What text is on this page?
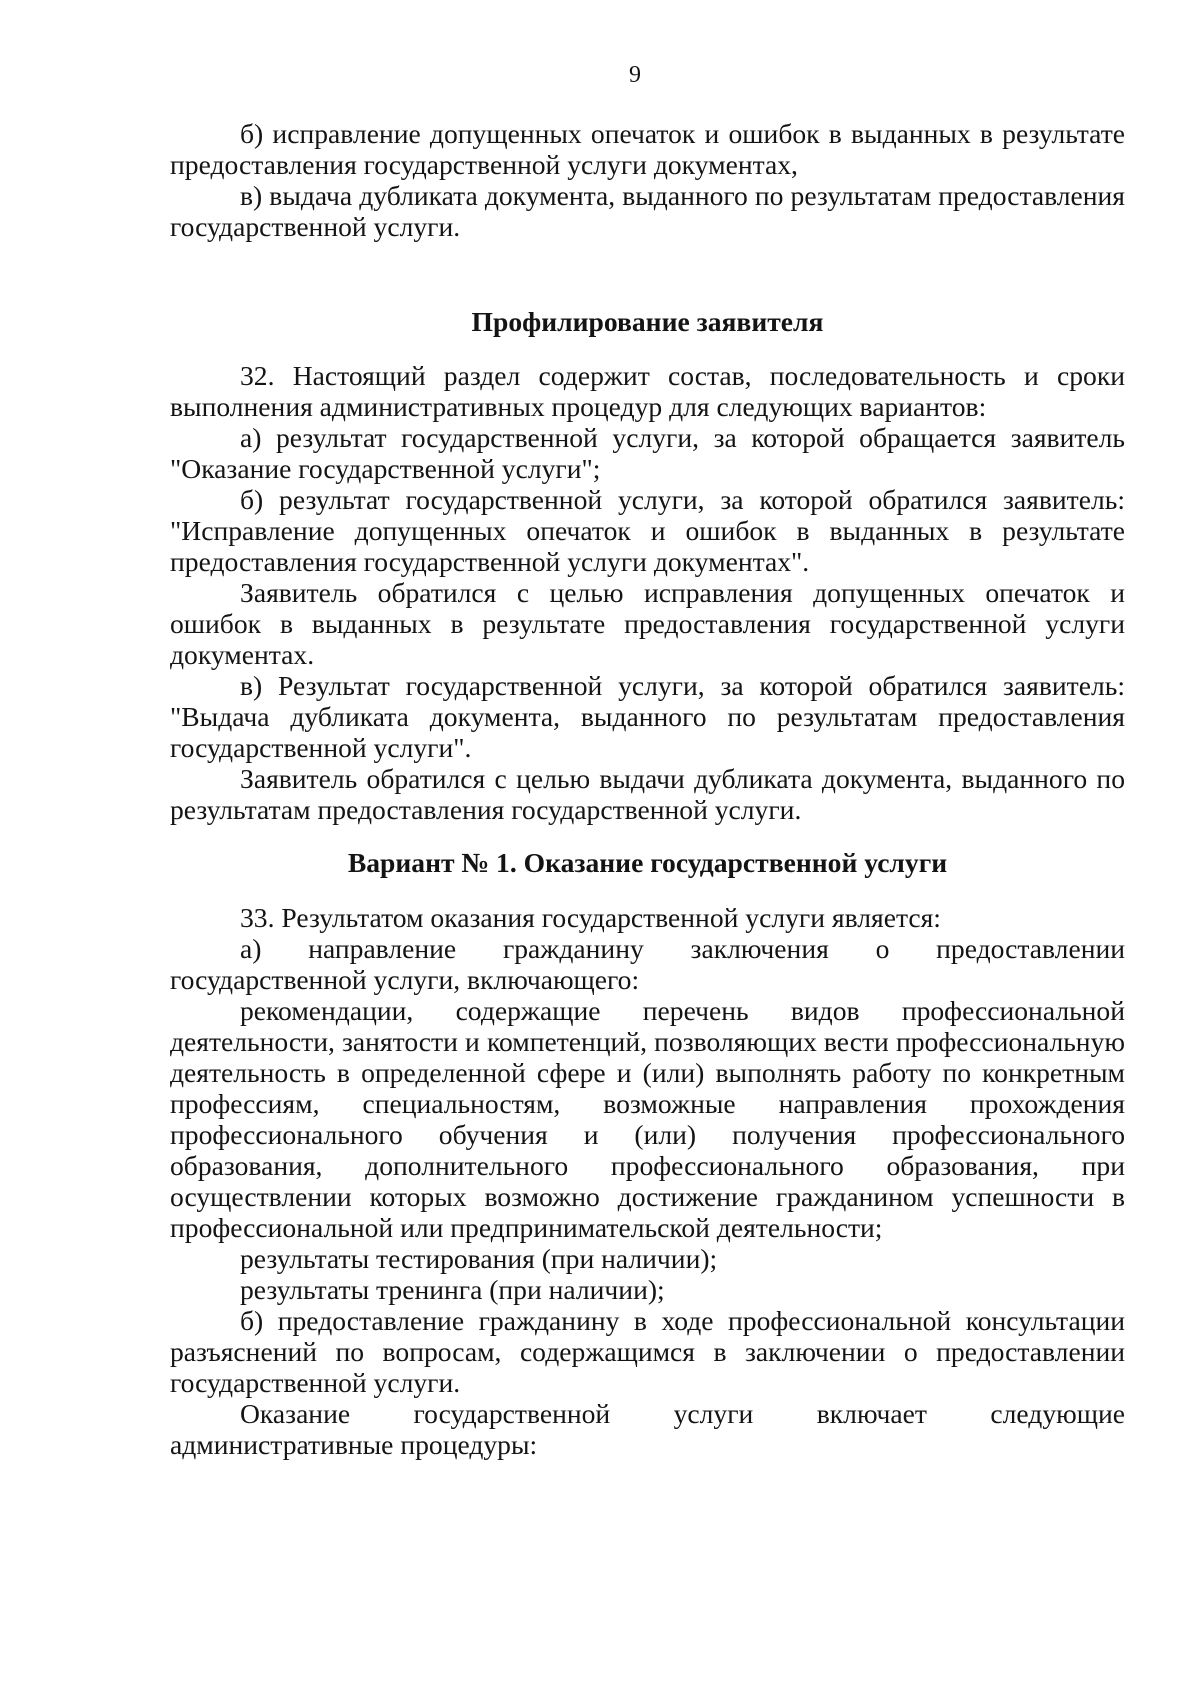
9

б) исправление допущенных опечаток и ошибок в выданных в результате предоставления государственной услуги документах,

в) выдача дубликата документа, выданного по результатам предоставления государственной услуги.

Профилирование заявителя

32. Настоящий раздел содержит состав, последовательность и сроки выполнения административных процедур для следующих вариантов:

а) результат государственной услуги, за которой обращается заявитель "Оказание государственной услуги";

б) результат государственной услуги, за которой обратился заявитель: "Исправление допущенных опечаток и ошибок в выданных в результате предоставления государственной услуги документах".

Заявитель обратился с целью исправления допущенных опечаток и ошибок в выданных в результате предоставления государственной услуги документах.

в) Результат государственной услуги, за которой обратился заявитель: "Выдача дубликата документа, выданного по результатам предоставления государственной услуги".

Заявитель обратился с целью выдачи дубликата документа, выданного по результатам предоставления государственной услуги.

Вариант № 1. Оказание государственной услуги

33. Результатом оказания государственной услуги является:

а) направление гражданину заключения о предоставлении государственной услуги, включающего:

рекомендации, содержащие перечень видов профессиональной деятельности, занятости и компетенций, позволяющих вести профессиональную деятельность в определенной сфере и (или) выполнять работу по конкретным профессиям, специальностям, возможные направления прохождения профессионального обучения и (или) получения профессионального образования, дополнительного профессионального образования, при осуществлении которых возможно достижение гражданином успешности в профессиональной или предпринимательской деятельности;

результаты тестирования (при наличии);

результаты тренинга (при наличии);

б) предоставление гражданину в ходе профессиональной консультации разъяснений по вопросам, содержащимся в заключении о предоставлении государственной услуги.

Оказание государственной услуги включает следующие административные процедуры:
